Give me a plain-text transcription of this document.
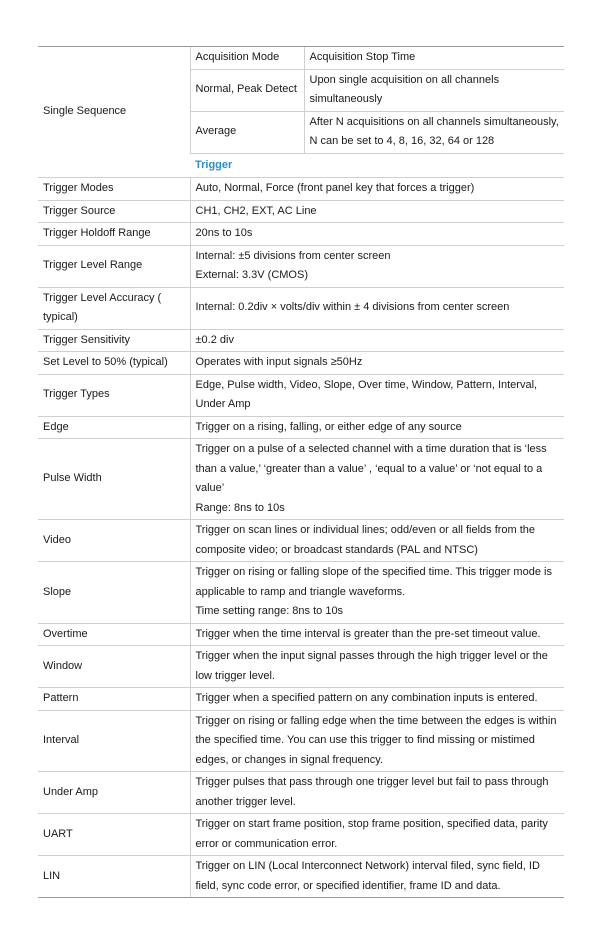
Single Sequence	Acquisition Mode	Acquisition Stop Time
	Normal, Peak Detect	Upon single acquisition on all channels simultaneously
	Average	After N acquisitions on all channels simultaneously, N can be set to 4, 8, 16, 32, 64 or 128
	Trigger	
Trigger Modes	Auto, Normal, Force (front panel key that forces a trigger)	
Trigger Source	CH1, CH2, EXT, AC Line	
Trigger Holdoff Range	20ns to 10s	
Trigger Level Range	Internal: ±5 divisions from center screen
External: 3.3V (CMOS)	

Trigger Level Accuracy ( typical)	Internal: 0.2div × volts/div within ± 4 divisions from center screen	
Trigger Sensitivity	±0.2 div	
Set Level to 50% (typical)	Operates with input signals ≥50Hz	
Trigger Types	Edge, Pulse width, Video, Slope, Over time, Window, Pattern, Interval, Under Amp	
Edge	Trigger on a rising, falling, or either edge of any source	
Pulse Width	Trigger on a pulse of a selected channel with a time duration that is ‘less than a value,’ ‘greater than a value’ , ‘equal to a value’ or ‘not equal to a value’
Range: 8ns to 10s	

Video	Trigger on scan lines or individual lines; odd/even or all fields from the composite video; or broadcast standards (PAL and NTSC)	
Slope	Trigger on rising or falling slope of the specified time. This trigger mode is applicable to ramp and triangle waveforms.
Time setting range: 8ns to 10s	

Overtime	Trigger when the time interval is greater than the pre-set timeout value.	
Window	Trigger when the input signal passes through the high trigger level or the low trigger level.	
Pattern	Trigger when a specified pattern on any combination inputs is entered.	
Interval	Trigger on rising or falling edge when the time between the edges is within the specified time. You can use this trigger to find missing or mistimed edges, or changes in signal frequency.	
Under Amp	Trigger pulses that pass through one trigger level but fail to pass through another trigger level.	
UART	Trigger on start frame position, stop frame position, specified data, parity error or communication error.	
LIN	Trigger on LIN (Local Interconnect Network) interval filed, sync field, ID field, sync code error, or specified identifier, frame ID and data.	
